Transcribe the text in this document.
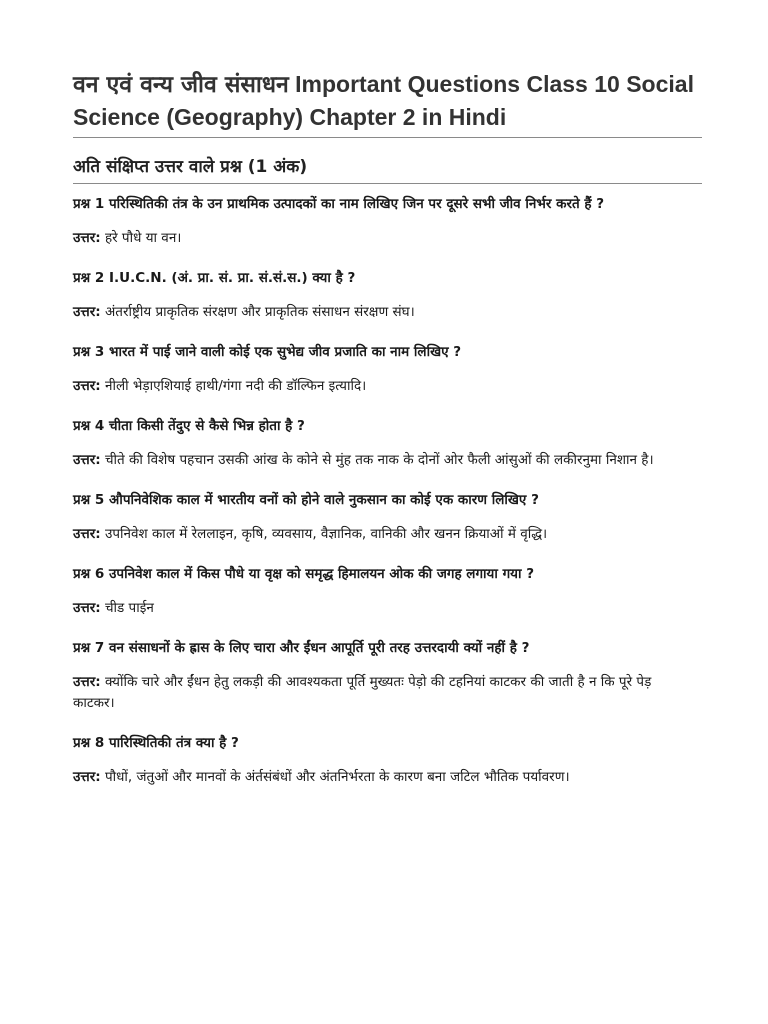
वन एवं वन्य जीव संसाधन Important Questions Class 10 Social Science (Geography) Chapter 2 in Hindi
अति संक्षिप्त उत्तर वाले प्रश्न (1 अंक)

प्रश्न 1 परिस्थितिकी तंत्र के उन प्राथमिक उत्पादकों का नाम लिखिए जिन पर दूसरे सभी जीव निर्भर करते हैं ?

उत्तर: हरे पौधे या वन।

प्रश्न 2 I.U.C.N. (अं. प्रा. सं. प्रा. सं.सं.स.) क्या है ?

उत्तर: अंतर्राष्ट्रीय प्राकृतिक संरक्षण और प्राकृतिक संसाधन संरक्षण संघ।

प्रश्न 3 भारत में पाई जाने वाली कोई एक सुभेद्य जीव प्रजाति का नाम लिखिए ?

उत्तर: नीली भेड़ाएशियाई हाथी/गंगा नदी की डॉल्फिन इत्यादि।

प्रश्न 4 चीता किसी तेंदुए से कैसे भिन्न होता है ?

उत्तर: चीते की विशेष पहचान उसकी आंख के कोने से मुंह तक नाक के दोनों ओर फैली आंसुओं की लकीरनुमा निशान है।

प्रश्न 5 औपनिवेशिक काल में भारतीय वनों को होने वाले नुकसान का कोई एक कारण लिखिए ?

उत्तर: उपनिवेश काल में रेललाइन, कृषि, व्यवसाय, वैज्ञानिक, वानिकी और खनन क्रियाओं में वृद्धि।

प्रश्न 6 उपनिवेश काल में किस पौधे या वृक्ष को समृद्ध हिमालयन ओक की जगह लगाया गया ?

उत्तर: चीड पाईन

प्रश्न 7 वन संसाधनों के ह्रास के लिए चारा और ईंधन आपूर्ति पूरी तरह उत्तरदायी क्यों नहीं है ?

उत्तर: क्योंकि चारे और ईंधन हेतु लकड़ी की आवश्यकता पूर्ति मुख्यतः पेड़ो की टहनियां काटकर की जाती है न कि पूरे पेड़ काटकर।

प्रश्न 8 पारिस्थितिकी तंत्र क्या है ?

उत्तर: पौधों, जंतुओं और मानवों के अंर्तसंबंधों और अंतनिर्भरता के कारण बना जटिल भौतिक पर्यावरण।
